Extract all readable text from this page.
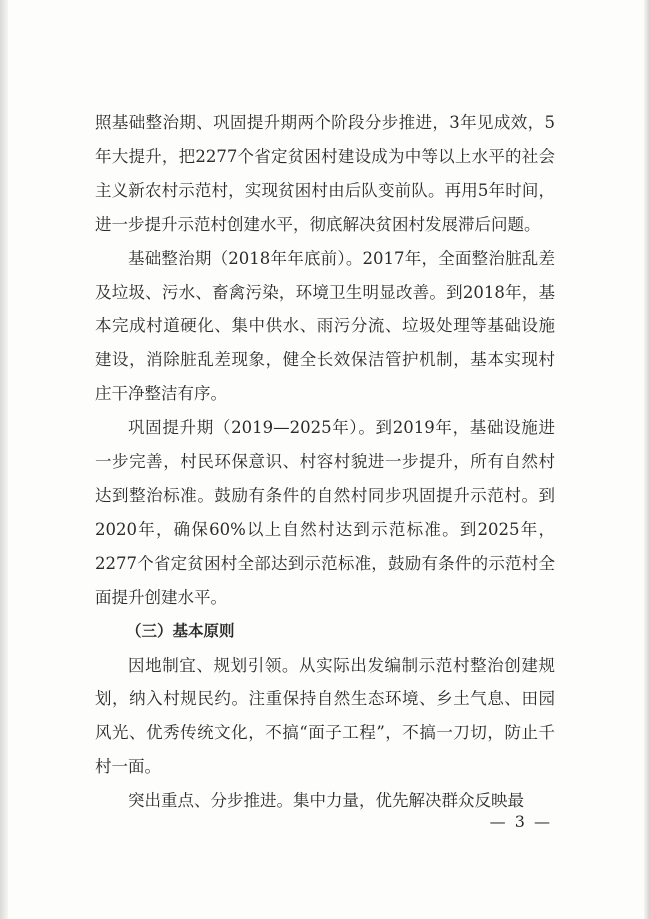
照基础整治期、巩固提升期两个阶段分步推进，3年见成效，5年大提升，把2277个省定贫困村建设成为中等以上水平的社会主义新农村示范村，实现贫困村由后队变前队。再用5年时间，进一步提升示范村创建水平，彻底解决贫困村发展滞后问题。

基础整治期（2018年年底前）。2017年，全面整治脏乱差及垃圾、污水、畜禽污染，环境卫生明显改善。到2018年，基本完成村道硬化、集中供水、雨污分流、垃圾处理等基础设施建设，消除脏乱差现象，健全长效保洁管护机制，基本实现村庄干净整洁有序。

巩固提升期（2019—2025年）。到2019年，基础设施进一步完善，村民环保意识、村容村貌进一步提升，所有自然村达到整治标准。鼓励有条件的自然村同步巩固提升示范村。到2020年，确保60%以上自然村达到示范标准。到2025年，2277个省定贫困村全部达到示范标准，鼓励有条件的示范村全面提升创建水平。

（三）基本原则

因地制宜、规划引领。从实际出发编制示范村整治创建规划，纳入村规民约。注重保持自然生态环境、乡土气息、田园风光、优秀传统文化，不搞“面子工程”，不搞一刀切，防止千村一面。

突出重点、分步推进。集中力量，优先解决群众反映最

— 3 —
